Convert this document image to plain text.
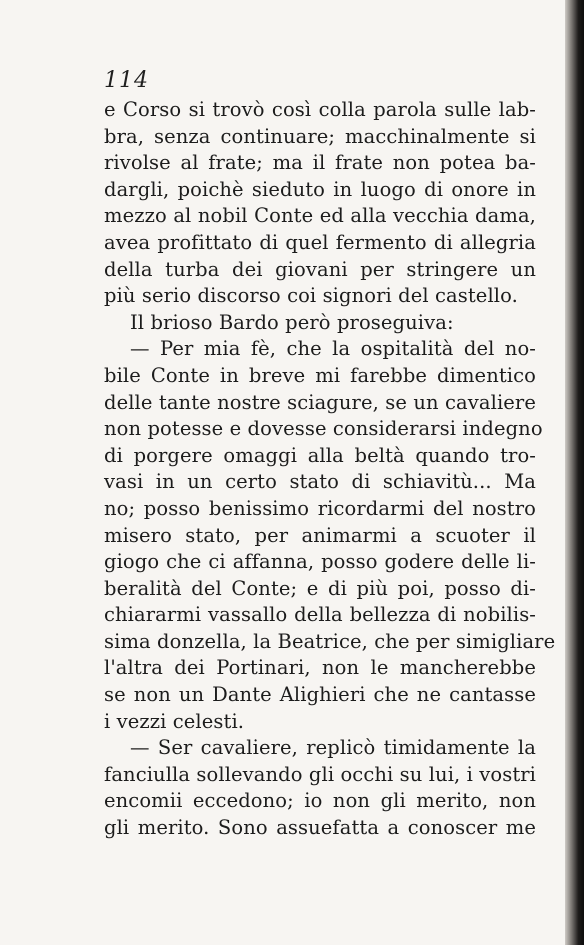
114
e Corso si trovò così colla parola sulle lab-
bra, senza continuare; macchinalmente si
rivolse al frate; ma il frate non potea ba-
dargli, poichè sieduto in luogo di onore in
mezzo al nobil Conte ed alla vecchia dama,
avea profittato di quel fermento di allegria
della turba dei giovani per stringere un
più serio discorso coi signori del castello.
Il brioso Bardo però proseguiva:
— Per mia fè, che la ospitalità del no-
bile Conte in breve mi farebbe dimentico
delle tante nostre sciagure, se un cavaliere
non potesse e dovesse considerarsi indegno
di porgere omaggi alla beltà quando tro-
vasi in un certo stato di schiavitù... Ma
no; posso benissimo ricordarmi del nostro
misero stato, per animarmi a scuoter il
giogo che ci affanna, posso godere delle li-
beralità del Conte; e di più poi, posso di-
chiararmi vassallo della bellezza di nobilis-
sima donzella, la Beatrice, che per simigliare
l'altra dei Portinari, non le mancherebbe
se non un Dante Alighieri che ne cantasse
i vezzi celesti.
— Ser cavaliere, replicò timidamente la
fanciulla sollevando gli occhi su lui, i vostri
encomii eccedono; io non gli merito, non
gli merito. Sono assuefatta a conoscer me
